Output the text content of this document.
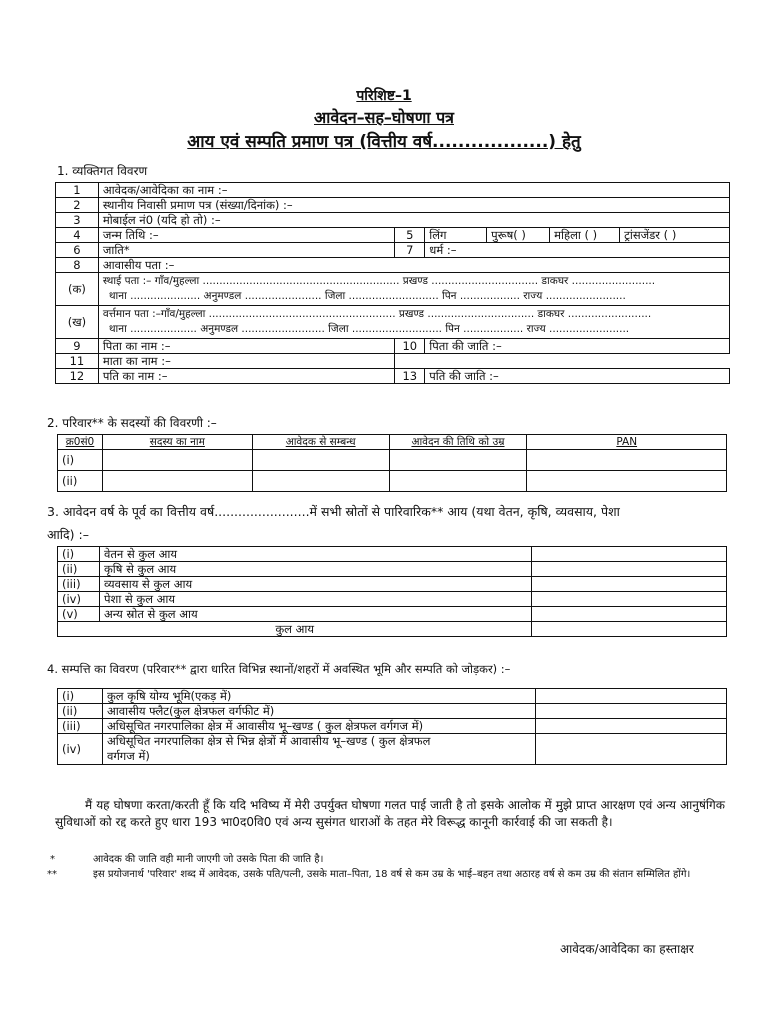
परिशिष्ट–1
आवेदन–सह–घोषणा पत्र
आय एवं सम्पति प्रमाण पत्र (वित्तीय वर्ष..................) हेतु
1. व्यक्तिगत विवरण
1	आवेदक/आवेदिका का नाम :–					
2	स्थानीय निवासी प्रमाण पत्र (संख्या/दिनांक) :–					
3	मोबाईल नं0 (यदि हो तो) :–					
4	जन्म तिथि :–	5	लिंग	पुरूष( )	महिला ( )	ट्रांसजेंडर ( )
6	जाति*	7	धर्म :–			
8	आवासीय पता :–					
(क)	स्थाई पता :– गाँव/मुहल्ला ........................................................... प्रखण्ड ................................ डाकघर .........................
थाना ..................... अनुमण्डल ....................... जिला ........................... पिन .................. राज्य ........................					

(ख)	वर्त्तमान पता :–गाँव/मुहल्ला ........................................................ प्रखण्ड ................................ डाकघर .........................
थाना .................... अनुमण्डल ......................... जिला ........................... पिन .................. राज्य ........................					

9	पिता का नाम :–	10	पिता की जाति :–			
11	माता का नाम :–					
12	पति का नाम :–	13	पति की जाति :–			
2. परिवार** के सदस्यों की विवरणी :–
क्र0सं0	सदस्य का नाम	आवेदक से सम्बन्ध	आवेदन की तिथि को उम्र	PAN
(i)				
(ii)				
3. आवेदन वर्ष के पूर्व का वित्तीय वर्ष........................में सभी स्रोतों से पारिवारिक** आय (यथा वेतन, कृषि, व्यवसाय, पेशा
आदि) :–
(i)	वेतन से कुल आय	
(ii)	कृषि से कुल आय	
(iii)	व्यवसाय से कुल आय	
(iv)	पेशा से कुल आय	
(v)	अन्य स्रोत से कुल आय	
कुल आय		
4. सम्पत्ति का विवरण (परिवार** द्वारा धारित विभिन्न स्थानों/शहरों में अवस्थित भूमि और सम्पति को जोड़कर) :–
(i)	कुल कृषि योग्य भूमि(एकड़ में)	
(ii)	आवासीय फ्लैट(कुल क्षेत्रफल वर्गफीट में)	
(iii)	अधिसूचित नगरपालिका क्षेत्र में आवासीय भू–खण्ड ( कुल क्षेत्रफल वर्गगज में)	
(iv)	अधिसूचित नगरपालिका क्षेत्र से भिन्न क्षेत्रों में आवासीय भू–खण्ड ( कुल क्षेत्रफल
वर्गगज में)	

मैं यह घोषणा करता/करती हूँ कि यदि भविष्य में मेरी उपर्युक्त घोषणा गलत पाई जाती है तो इसके आलोक में मुझे प्राप्त आरक्षण एवं अन्य आनुषंगिक सुविधाओं को रद्द करते हुए धारा 193 भा0द0वि0 एवं अन्य सुसंगत धाराओं के तहत मेरे विरूद्ध कानूनी कार्रवाई की जा सकती है।
*	आवेदक की जाति वही मानी जाएगी जो उसके पिता की जाति है।
**	इस प्रयोजनार्थ 'परिवार' शब्द में आवेदक, उसके पति/पत्नी, उसके माता–पिता, 18 वर्ष से कम उम्र के भाई–बहन तथा अठारह वर्ष से कम उम्र की संतान सम्मिलित होंगे।
आवेदक/आवेदिका का हस्ताक्षर
